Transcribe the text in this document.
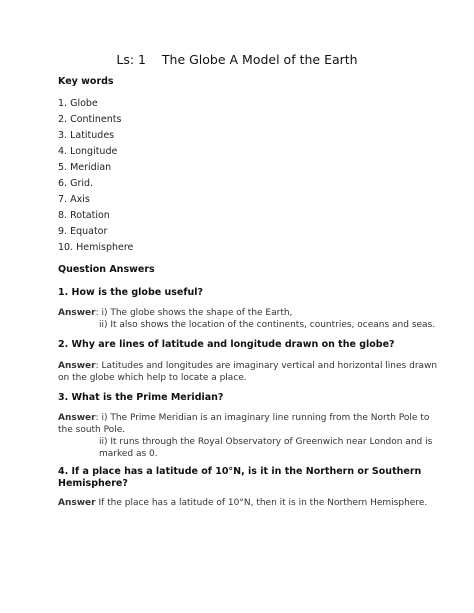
Ls: 1    The Globe A Model of the Earth
Key words
1. Globe
2. Continents
3. Latitudes
4. Longitude
5. Meridian
6. Grid.
7. Axis
8. Rotation
9. Equator
10. Hemisphere
Question Answers
1. How is the globe useful?
Answer: i) The globe shows the shape of the Earth,
ii) It also shows the location of the continents, countries, oceans and seas.
2. Why are lines of latitude and longitude drawn on the globe?
Answer: Latitudes and longitudes are imaginary vertical and horizontal lines drawn
on the globe which help to locate a place.
3. What is the Prime Meridian?
Answer: i) The Prime Meridian is an imaginary line running from the North Pole to
the south Pole.
ii) It runs through the Royal Observatory of Greenwich near London and is
marked as 0.
4. If a place has a latitude of 10°N, is it in the Northern or Southern Hemisphere?
Answer If the place has a latitude of 10°N, then it is in the Northern Hemisphere.
